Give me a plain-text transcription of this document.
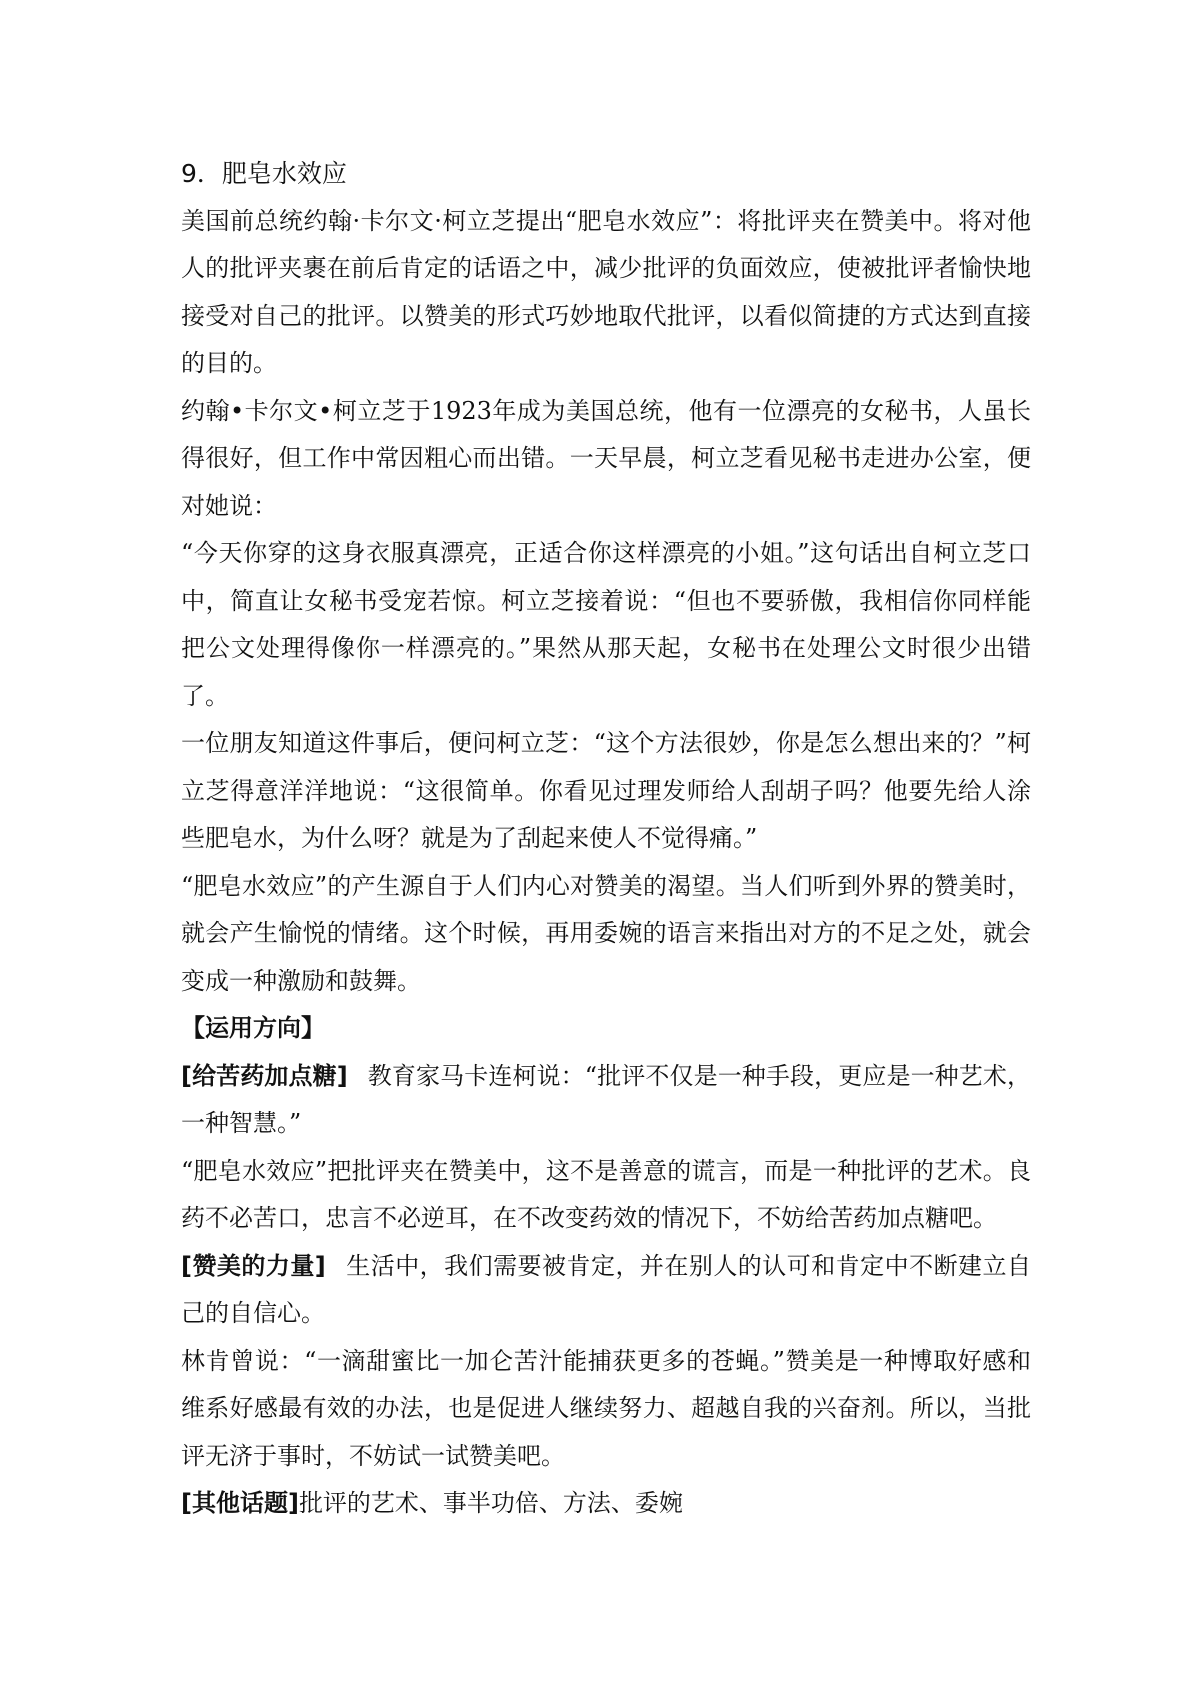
9．肥皂水效应

美国前总统约翰·卡尔文·柯立芝提出“肥皂水效应”：将批评夹在赞美中。将对他人的批评夹裹在前后肯定的话语之中，减少批评的负面效应，使被批评者愉快地接受对自己的批评。以赞美的形式巧妙地取代批评，以看似简捷的方式达到直接的目的。

约翰•卡尔文•柯立芝于1923年成为美国总统，他有一位漂亮的女秘书，人虽长得很好，但工作中常因粗心而出错。一天早晨，柯立芝看见秘书走进办公室，便对她说：

“今天你穿的这身衣服真漂亮，正适合你这样漂亮的小姐。”这句话出自柯立芝口中，简直让女秘书受宠若惊。柯立芝接着说：“但也不要骄傲，我相信你同样能把公文处理得像你一样漂亮的。”果然从那天起，女秘书在处理公文时很少出错了。

一位朋友知道这件事后，便问柯立芝：“这个方法很妙，你是怎么想出来的？”柯立芝得意洋洋地说：“这很简单。你看见过理发师给人刮胡子吗？他要先给人涂些肥皂水，为什么呀？就是为了刮起来使人不觉得痛。”

“肥皂水效应”的产生源自于人们内心对赞美的渴望。当人们听到外界的赞美时，就会产生愉悦的情绪。这个时候，再用委婉的语言来指出对方的不足之处，就会变成一种激励和鼓舞。

【运用方向】

[给苦药加点糖] 教育家马卡连柯说：“批评不仅是一种手段，更应是一种艺术，一种智慧。”

“肥皂水效应”把批评夹在赞美中，这不是善意的谎言，而是一种批评的艺术。良药不必苦口，忠言不必逆耳，在不改变药效的情况下，不妨给苦药加点糖吧。

[赞美的力量] 生活中，我们需要被肯定，并在别人的认可和肯定中不断建立自己的自信心。

林肯曾说：“一滴甜蜜比一加仑苦汁能捕获更多的苍蝇。”赞美是一种博取好感和维系好感最有效的办法，也是促进人继续努力、超越自我的兴奋剂。所以，当批评无济于事时，不妨试一试赞美吧。

[其他话题]批评的艺术、事半功倍、方法、委婉
